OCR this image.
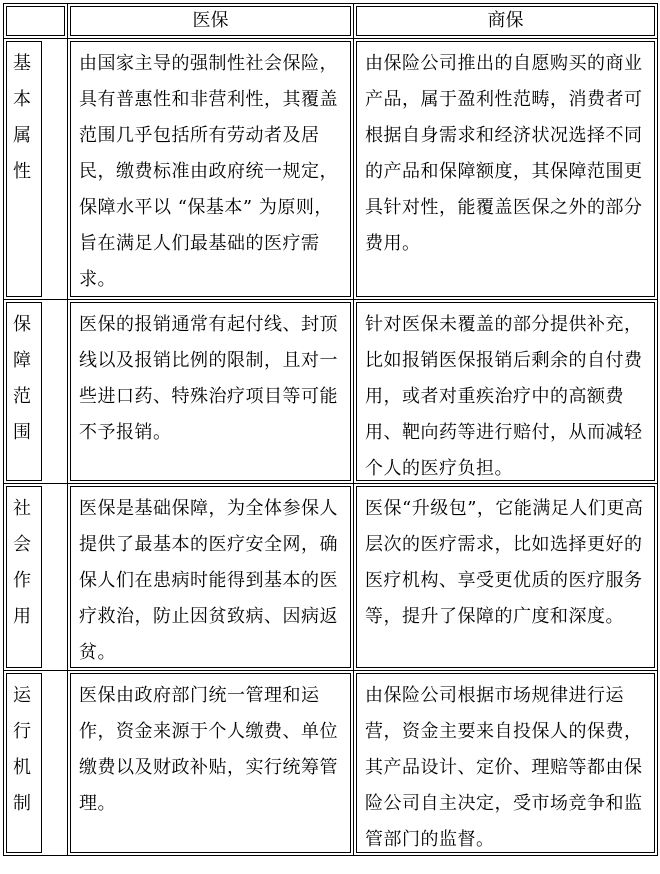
	医保	商保

基本属性	由国家主导的强制性社会保险，具有普惠性和非营利性，其覆盖范围几乎包括所有劳动者及居民，缴费标准由政府统一规定，保障水平以 “保基本” 为原则，旨在满足人们最基础的医疗需求。	由保险公司推出的自愿购买的商业产品，属于盈利性范畴，消费者可根据自身需求和经济状况选择不同的产品和保障额度，其保障范围更具针对性，能覆盖医保之外的部分费用。

保障范围	医保的报销通常有起付线、封顶线以及报销比例的限制，且对一些进口药、特殊治疗项目等可能不予报销。	针对医保未覆盖的部分提供补充，比如报销医保报销后剩余的自付费用，或者对重疾治疗中的高额费用、靶向药等进行赔付，从而减轻个人的医疗负担。

社会作用	医保是基础保障，为全体参保人提供了最基本的医疗安全网，确保人们在患病时能得到基本的医疗救治，防止因贫致病、因病返贫。	医保“升级包”，它能满足人们更高层次的医疗需求，比如选择更好的医疗机构、享受更优质的医疗服务等，提升了保障的广度和深度。

运行机制	医保由政府部门统一管理和运作，资金来源于个人缴费、单位缴费以及财政补贴，实行统筹管理。	由保险公司根据市场规律进行运营，资金主要来自投保人的保费，其产品设计、定价、理赔等都由保险公司自主决定，受市场竞争和监管部门的监督。
